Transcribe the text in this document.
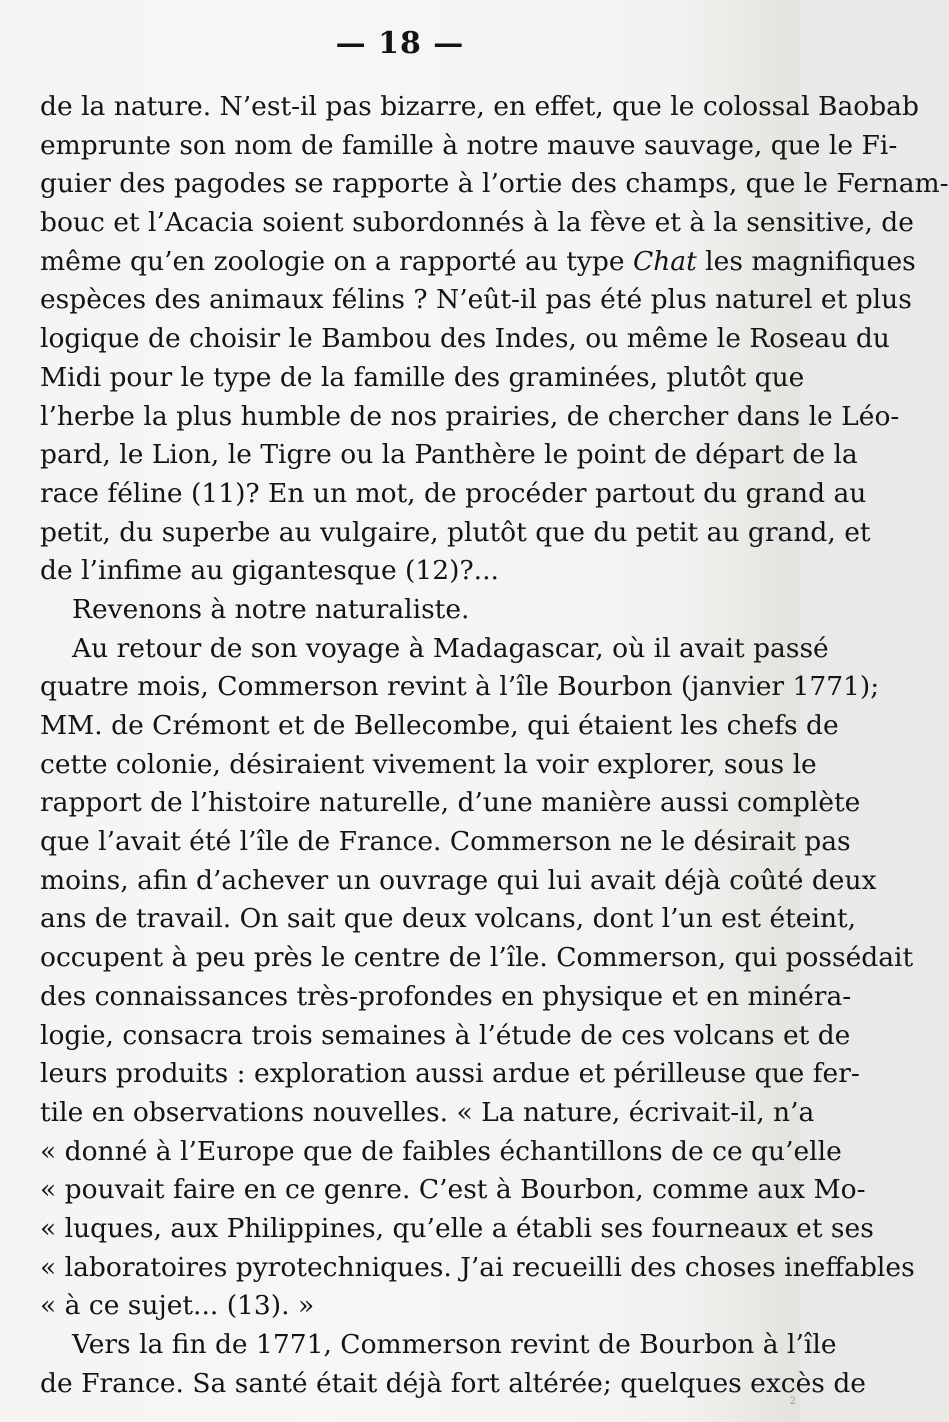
— 18 —
de la nature. N’est-il pas bizarre, en effet, que le colossal Baobab
emprunte son nom de famille à notre mauve sauvage, que le Fi-
guier des pagodes se rapporte à l’ortie des champs, que le Fernam-
bouc et l’Acacia soient subordonnés à la fève et à la sensitive, de
même qu’en zoologie on a rapporté au type Chat les magnifiques
espèces des animaux félins ? N’eût-il pas été plus naturel et plus
logique de choisir le Bambou des Indes, ou même le Roseau du
Midi pour le type de la famille des graminées, plutôt que
l’herbe la plus humble de nos prairies, de chercher dans le Léo-
pard, le Lion, le Tigre ou la Panthère le point de départ de la
race féline (11)? En un mot, de procéder partout du grand au
petit, du superbe au vulgaire, plutôt que du petit au grand, et
de l’infime au gigantesque (12)?...
Revenons à notre naturaliste.
Au retour de son voyage à Madagascar, où il avait passé
quatre mois, Commerson revint à l’île Bourbon (janvier 1771);
MM. de Crémont et de Bellecombe, qui étaient les chefs de
cette colonie, désiraient vivement la voir explorer, sous le
rapport de l’histoire naturelle, d’une manière aussi complète
que l’avait été l’île de France. Commerson ne le désirait pas
moins, afin d’achever un ouvrage qui lui avait déjà coûté deux
ans de travail. On sait que deux volcans, dont l’un est éteint,
occupent à peu près le centre de l’île. Commerson, qui possédait
des connaissances très-profondes en physique et en minéra-
logie, consacra trois semaines à l’étude de ces volcans et de
leurs produits : exploration aussi ardue et périlleuse que fer-
tile en observations nouvelles. « La nature, écrivait-il, n’a
« donné à l’Europe que de faibles échantillons de ce qu’elle
« pouvait faire en ce genre. C’est à Bourbon, comme aux Mo-
« luques, aux Philippines, qu’elle a établi ses fourneaux et ses
« laboratoires pyrotechniques. J’ai recueilli des choses ineffables
« à ce sujet... (13). »
Vers la fin de 1771, Commerson revint de Bourbon à l’île
de France. Sa santé était déjà fort altérée; quelques excès de
2
